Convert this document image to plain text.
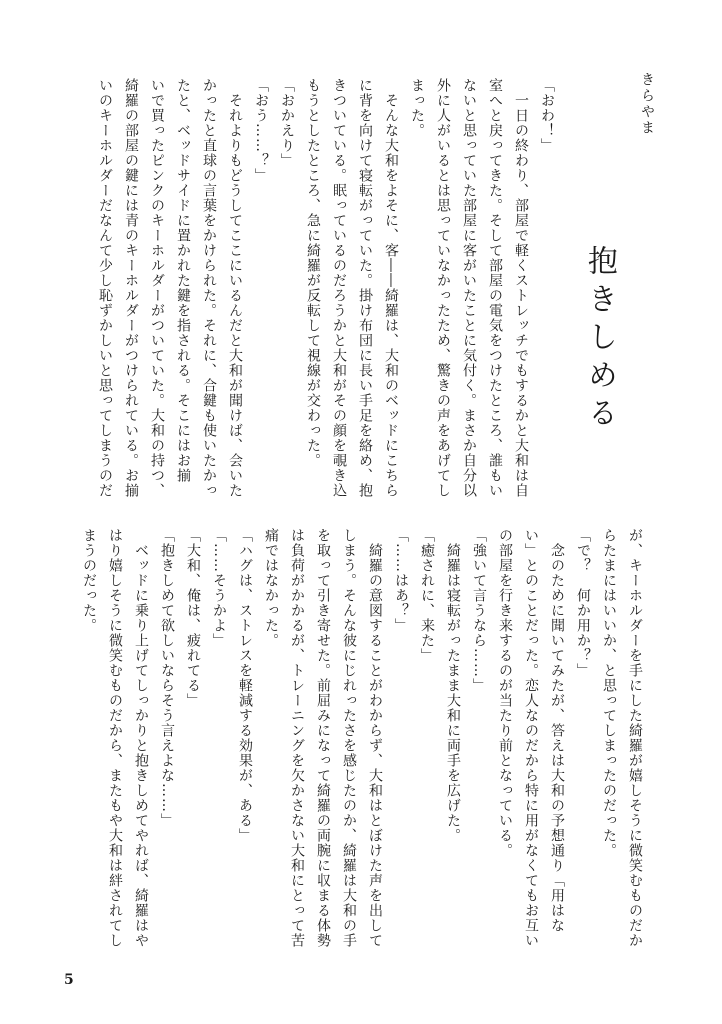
きらやま
抱きしめる
「おわ！」
　一日の終わり、部屋で軽くストレッチでもするかと大和は自
室へと戻ってきた。そして部屋の電気をつけたところ、誰もい
ないと思っていた部屋に客がいたことに気付く。まさか自分以
外に人がいるとは思っていなかったため、驚きの声をあげてし
まった。
　そんな大和をよそに、客――綺羅は、大和のベッドにこちら
に背を向けて寝転がっていた。掛け布団に長い手足を絡め、抱
きついている。眠っているのだろうかと大和がその顔を覗き込
もうとしたところ、急に綺羅が反転して視線が交わった。
「おかえり」
「おう……？」
　それよりもどうしてここにいるんだと大和が聞けば、会いた
かったと直球の言葉をかけられた。それに、合鍵も使いたかっ
たと、ベッドサイドに置かれた鍵を指される。そこにはお揃
いで買ったピンクのキーホルダーがついていた。大和の持つ、
綺羅の部屋の鍵には青のキーホルダーがつけられている。お揃
いのキーホルダーだなんて少し恥ずかしいと思ってしまうのだ
が、キーホルダーを手にした綺羅が嬉しそうに微笑むものだか
らたまにはいいか、と思ってしまったのだった。
「で？　何か用か？」
　念のために聞いてみたが、答えは大和の予想通り「用はな
い」とのことだった。恋人なのだから特に用がなくてもお互い
の部屋を行き来するのが当たり前となっている。
「強いて言うなら……」
　綺羅は寝転がったまま大和に両手を広げた。
「癒されに、来た」
「……はあ？」
　綺羅の意図することがわからず、大和はとぼけた声を出して
しまう。そんな彼にじれったさを感じたのか、綺羅は大和の手
を取って引き寄せた。前屈みになって綺羅の両腕に収まる体勢
は負荷がかかるが、トレーニングを欠かさない大和にとって苦
痛ではなかった。
「ハグは、ストレスを軽減する効果が、ある」
「……そうかよ」
「大和、俺は、疲れてる」
「抱きしめて欲しいならそう言えよな……」
　ベッドに乗り上げてしっかりと抱きしめてやれば、綺羅はや
はり嬉しそうに微笑むものだから、またもや大和は絆されてし
まうのだった。
5
